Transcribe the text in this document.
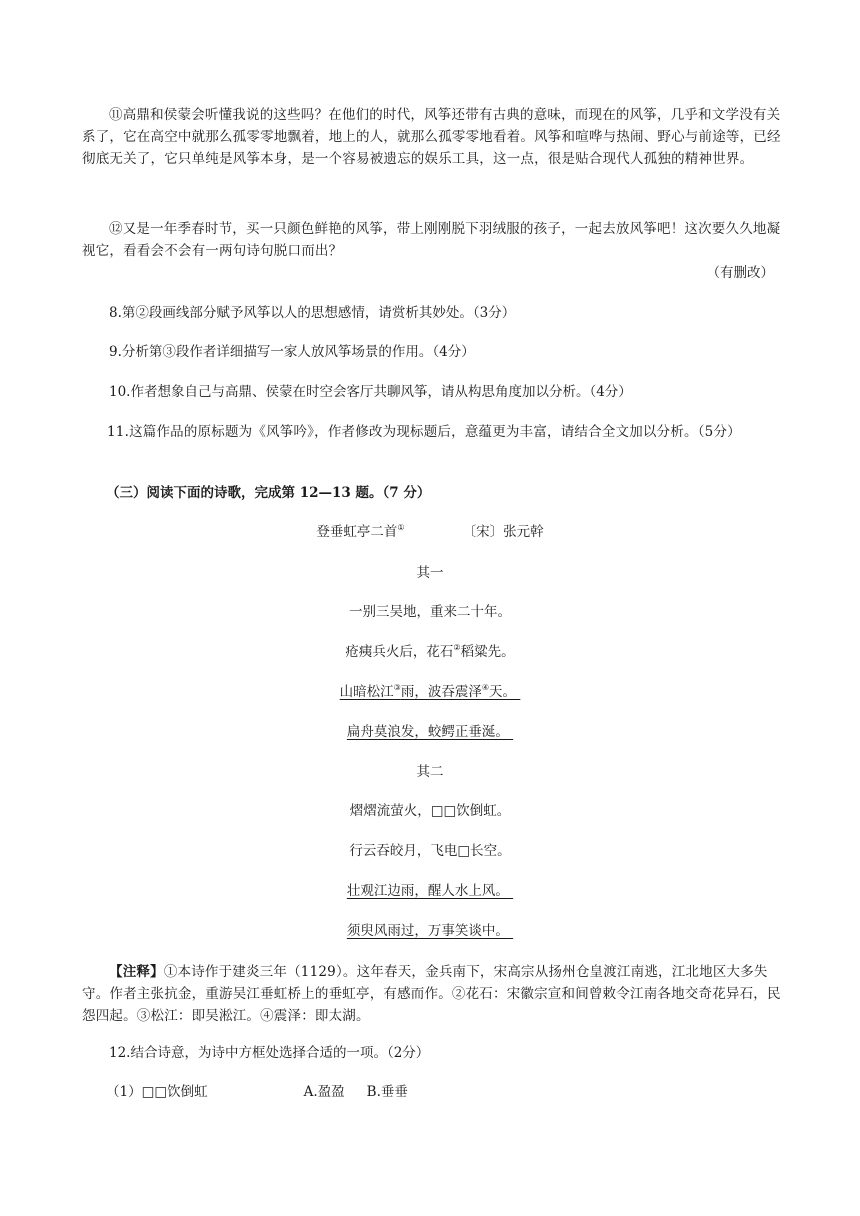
⑪高鼎和侯蒙会听懂我说的这些吗？在他们的时代，风筝还带有古典的意味，而现在的风筝，几乎和文学没有关系了，它在高空中就那么孤零零地飘着，地上的人，就那么孤零零地看着。风筝和喧哗与热闹、野心与前途等，已经彻底无关了，它只单纯是风筝本身，是一个容易被遗忘的娱乐工具，这一点，很是贴合现代人孤独的精神世界。

⑫又是一年季春时节，买一只颜色鲜艳的风筝，带上刚刚脱下羽绒服的孩子，一起去放风筝吧！这次要久久地凝视它，看看会不会有一两句诗句脱口而出？

（有删改）

8.第②段画线部分赋予风筝以人的思想感情，请赏析其妙处。（3分）

9.分析第③段作者详细描写一家人放风筝场景的作用。（4分）

10.作者想象自己与高鼎、侯蒙在时空会客厅共聊风筝，请从构思角度加以分析。（4分）

11.这篇作品的原标题为《风筝吟》，作者修改为现标题后，意蕴更为丰富，请结合全文加以分析。（5分）

（三）阅读下面的诗歌，完成第 12—13 题。（7 分）

登垂虹亭二首①	〔宋〕张元幹
其一
一别三吴地，重来二十年。
疮痍兵火后，花石②稻粱先。
山暗松江③雨，波吞震泽④天。
扁舟莫浪发，蛟鳄正垂涎。
其二
熠熠流萤火，□□饮倒虹。
行云吞皎月，飞电□长空。
壮观江边雨，醒人水上风。
须臾风雨过，万事笑谈中。

【注释】①本诗作于建炎三年（1129）。这年春天，金兵南下，宋高宗从扬州仓皇渡江南逃，江北地区大多失守。作者主张抗金，重游吴江垂虹桥上的垂虹亭，有感而作。②花石：宋徽宗宣和间曾敕令江南各地交奇花异石，民怨四起。③松江：即吴淞江。④震泽：即太湖。

12.结合诗意，为诗中方框处选择合适的一项。（2分）

（1）□□饮倒虹	A.盈盈 B.垂垂
